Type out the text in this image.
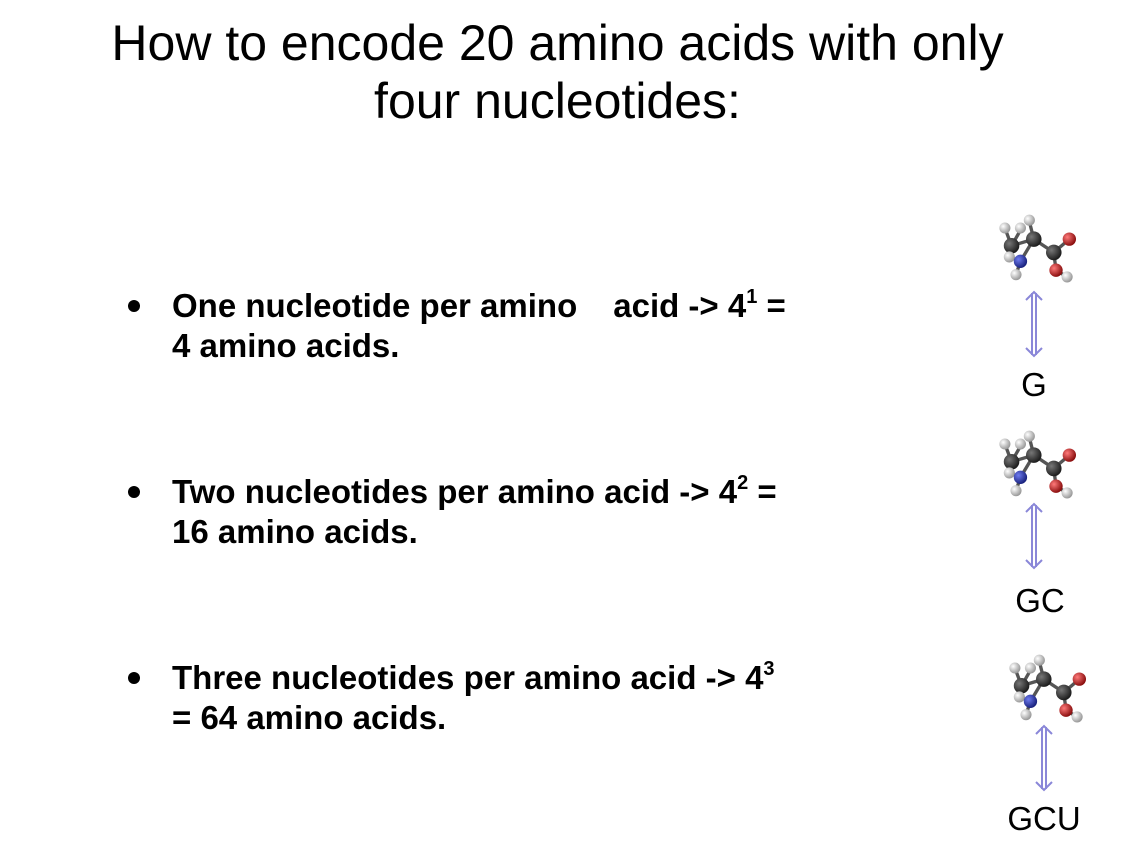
How to encode 20 amino acids with only
four nucleotides:
One nucleotide per amino acid -> $4^1$ =
4 amino acids.
Two nucleotides per amino acid -> $4^2$ =
16 amino acids.
Three nucleotides per amino acid -> $4^3$
= 64 amino acids.
G
GC
GCU
